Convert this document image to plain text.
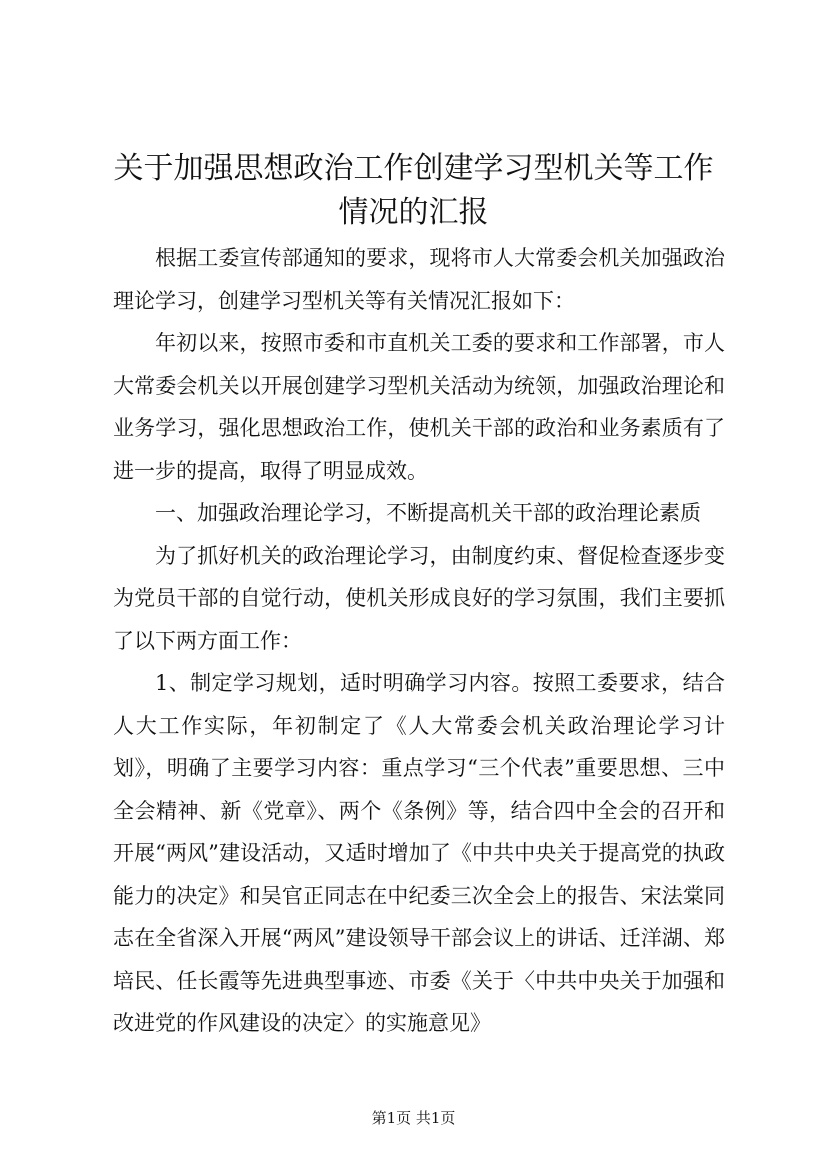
关于加强思想政治工作创建学习型机关等工作
情况的汇报

根据工委宣传部通知的要求，现将市人大常委会机关加强政治理论学习，创建学习型机关等有关情况汇报如下：

年初以来，按照市委和市直机关工委的要求和工作部署，市人大常委会机关以开展创建学习型机关活动为统领，加强政治理论和业务学习，强化思想政治工作，使机关干部的政治和业务素质有了进一步的提高，取得了明显成效。

一、加强政治理论学习，不断提高机关干部的政治理论素质

为了抓好机关的政治理论学习，由制度约束、督促检查逐步变为党员干部的自觉行动，使机关形成良好的学习氛围，我们主要抓了以下两方面工作：

1、制定学习规划，适时明确学习内容。按照工委要求，结合人大工作实际，年初制定了《人大常委会机关政治理论学习计划》，明确了主要学习内容：重点学习“三个代表”重要思想、三中全会精神、新《党章》、两个《条例》等，结合四中全会的召开和开展“两风”建设活动，又适时增加了《中共中央关于提高党的执政能力的决定》和吴官正同志在中纪委三次全会上的报告、宋法棠同志在全省深入开展“两风”建设领导干部会议上的讲话、迁洋湖、郑培民、任长霞等先进典型事迹、市委《关于〈中共中央关于加强和改进党的作风建设的决定〉的实施意见》

第1页 共1页
